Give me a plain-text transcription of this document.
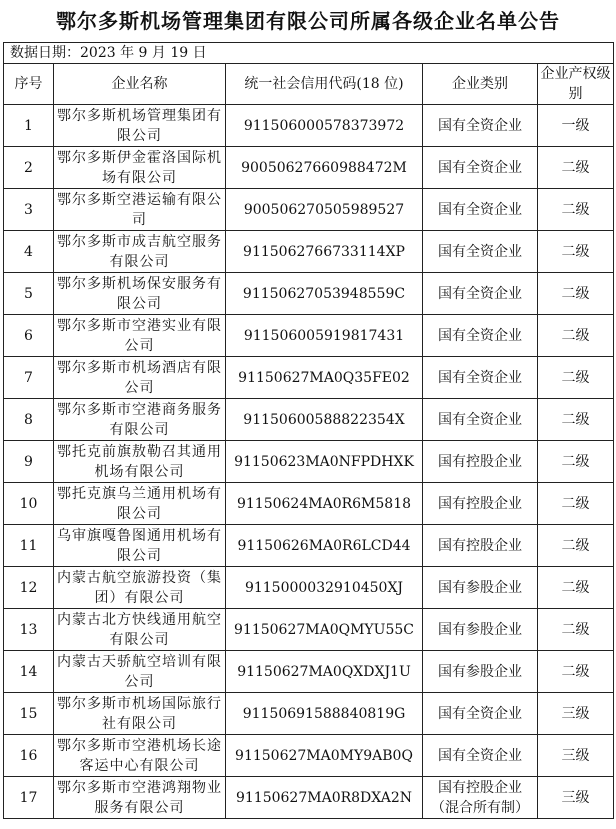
鄂尔多斯机场管理集团有限公司所属各级企业名单公告
数据日期：2023 年 9 月 19 日				
序号	企业名称	统一社会信用代码(18 位)	企业类别	企业产权级别
1	鄂尔多斯机场管理集团有限公司	911506000578373972	国有全资企业	一级
2	鄂尔多斯伊金霍洛国际机场有限公司	90050627660988472M	国有全资企业	二级
3	鄂尔多斯空港运输有限公司	900506270505989527	国有全资企业	二级
4	鄂尔多斯市成吉航空服务有限公司	9115062766733114XP	国有全资企业	二级
5	鄂尔多斯机场保安服务有限公司	91150627053948559C	国有全资企业	二级
6	鄂尔多斯市空港实业有限公司	911506005919817431	国有全资企业	二级
7	鄂尔多斯市机场酒店有限公司	91150627MA0Q35FE02	国有全资企业	二级
8	鄂尔多斯市空港商务服务有限公司	91150600588822354X	国有全资企业	二级
9	鄂托克前旗敖勒召其通用机场有限公司	91150623MA0NFPDHXK	国有控股企业	二级
10	鄂托克旗乌兰通用机场有限公司	91150624MA0R6M5818	国有控股企业	二级
11	乌审旗嘎鲁图通用机场有限公司	91150626MA0R6LCD44	国有控股企业	二级
12	内蒙古航空旅游投资（集团）有限公司	9115000032910450XJ	国有参股企业	二级
13	内蒙古北方快线通用航空有限公司	91150627MA0QMYU55C	国有参股企业	二级
14	内蒙古天骄航空培训有限公司	91150627MA0QXDXJ1U	国有参股企业	二级
15	鄂尔多斯市机场国际旅行社有限公司	91150691588840819G	国有全资企业	三级
16	鄂尔多斯市空港机场长途客运中心有限公司	91150627MA0MY9AB0Q	国有全资企业	三级
17	鄂尔多斯市空港鸿翔物业服务有限公司	91150627MA0R8DXA2N	国有控股企业（混合所有制）	三级
